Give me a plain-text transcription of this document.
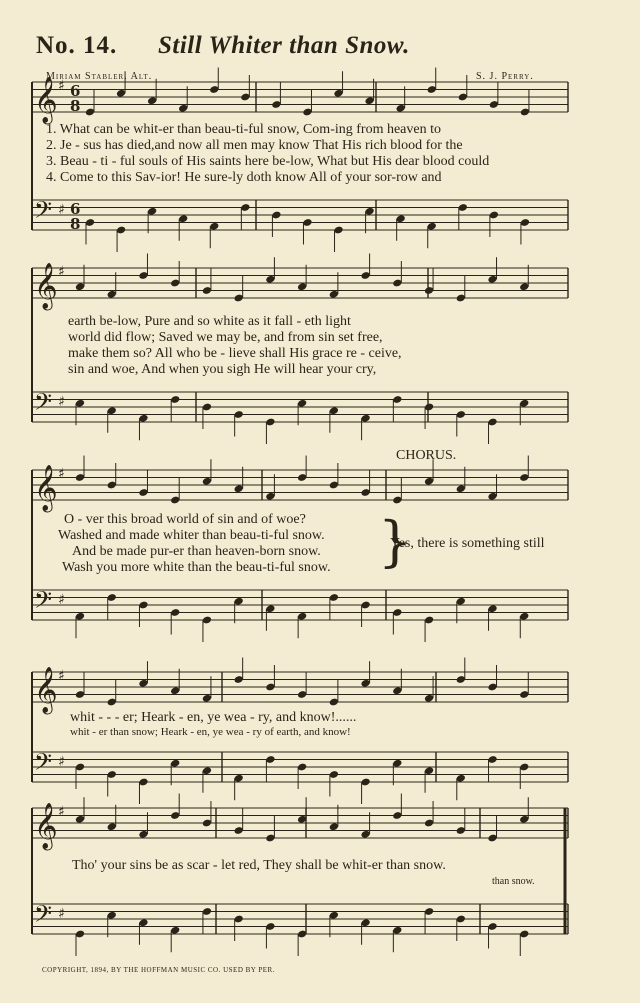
No. 14. Still Whiter than Snow.
Miriam Stabler. Alt.	S. J. Perry.
𝄞 ♯ 6
8
𝄢 ♯ 6
8
𝄞 ♯
𝄢 ♯
𝄞 ♯
𝄢 ♯
𝄞 ♯
𝄢 ♯
𝄞 ♯
𝄢 ♯
}
1. What can be whit-er than beau-ti-ful snow, Com-ing from heaven to
2. Je - sus has died,and now all men may know That His rich blood for the
3. Beau - ti - ful souls of His saints here be-low, What but His dear blood could
4. Come to this Sav-ior! He sure-ly doth know All of your sor-row and
earth be-low, Pure and so white as it fall - eth light
world did flow; Saved we may be, and from sin set free,
make them so? All who be - lieve shall His grace re - ceive,
sin and woe, And when you sigh He will hear your cry,
CHORUS.
O - ver this broad world of sin and of woe?
Washed and made whiter than beau-ti-ful snow.
And be made pur-er than heaven-born snow.
Wash you more white than the beau-ti-ful snow.
Yes, there is something still
whit - - - er; Heark - en, ye wea - ry, and know!......
whit - er than snow; Heark - en, ye wea - ry of earth, and know!
Tho' your sins be as scar - let red, They shall be whit-er than snow.
than snow.
COPYRIGHT, 1894, BY THE HOFFMAN MUSIC CO. USED BY PER.
